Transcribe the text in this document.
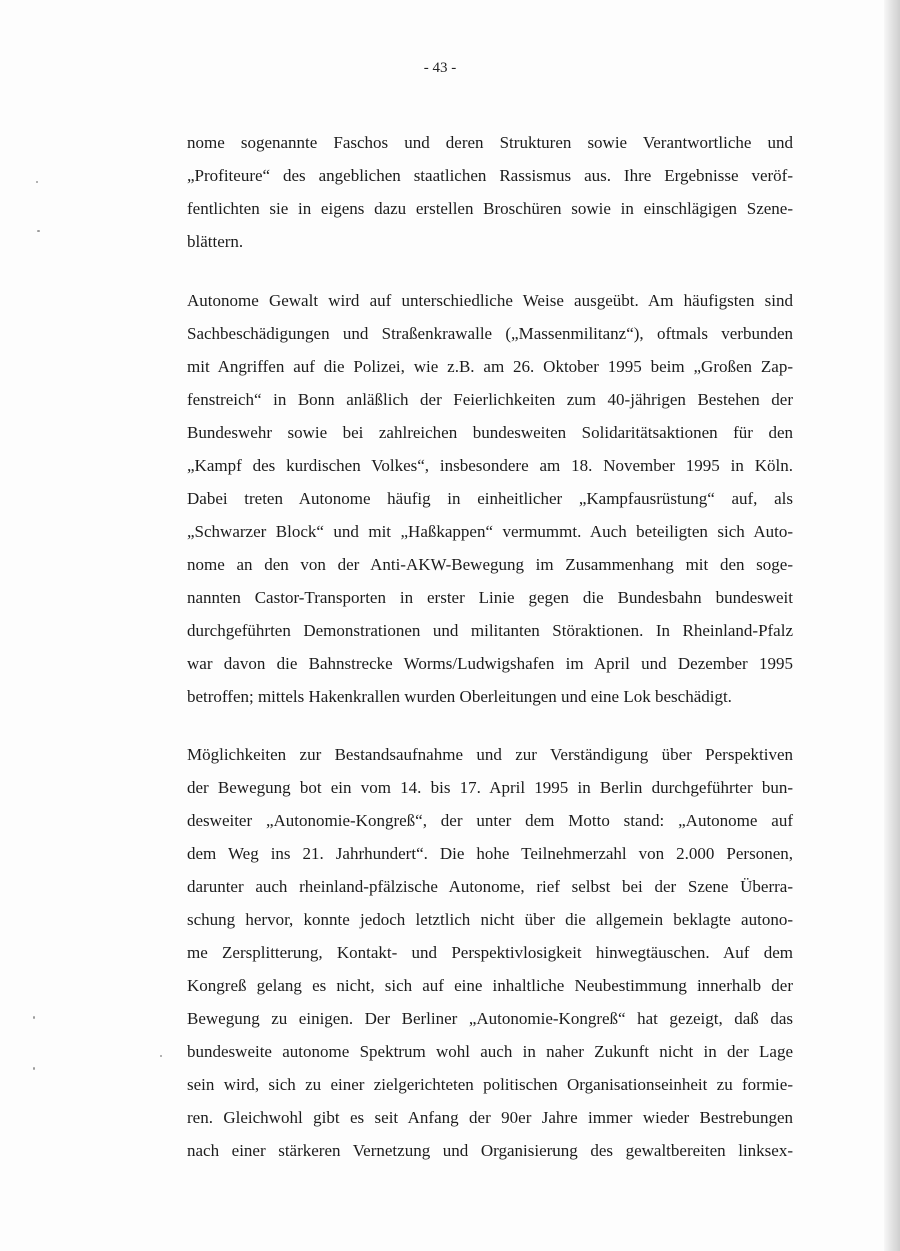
- 43 -

nome sogenannte Faschos und deren Strukturen sowie Verantwortliche und
„Profiteure“ des angeblichen staatlichen Rassismus aus. Ihre Ergebnisse veröf-
fentlichten sie in eigens dazu erstellen Broschüren sowie in einschlägigen Szene-
blättern.
Autonome Gewalt wird auf unterschiedliche Weise ausgeübt. Am häufigsten sind
Sachbeschädigungen und Straßenkrawalle („Massenmilitanz“), oftmals verbunden
mit Angriffen auf die Polizei, wie z.B. am 26. Oktober 1995 beim „Großen Zap-
fenstreich“ in Bonn anläßlich der Feierlichkeiten zum 40-jährigen Bestehen der
Bundeswehr sowie bei zahlreichen bundesweiten Solidaritätsaktionen für den
„Kampf des kurdischen Volkes“, insbesondere am 18. November 1995 in Köln.
Dabei treten Autonome häufig in einheitlicher „Kampfausrüstung“ auf, als
„Schwarzer Block“ und mit „Haßkappen“ vermummt. Auch beteiligten sich Auto-
nome an den von der Anti-AKW-Bewegung im Zusammenhang mit den soge-
nannten Castor-Transporten in erster Linie gegen die Bundesbahn bundesweit
durchgeführten Demonstrationen und militanten Störaktionen. In Rheinland-Pfalz
war davon die Bahnstrecke Worms/Ludwigshafen im April und Dezember 1995
betroffen; mittels Hakenkrallen wurden Oberleitungen und eine Lok beschädigt.
Möglichkeiten zur Bestandsaufnahme und zur Verständigung über Perspektiven
der Bewegung bot ein vom 14. bis 17. April 1995 in Berlin durchgeführter bun-
desweiter „Autonomie-Kongreß“, der unter dem Motto stand: „Autonome auf
dem Weg ins 21. Jahrhundert“. Die hohe Teilnehmerzahl von 2.000 Personen,
darunter auch rheinland-pfälzische Autonome, rief selbst bei der Szene Überra-
schung hervor, konnte jedoch letztlich nicht über die allgemein beklagte autono-
me Zersplitterung, Kontakt- und Perspektivlosigkeit hinwegtäuschen. Auf dem
Kongreß gelang es nicht, sich auf eine inhaltliche Neubestimmung innerhalb der
Bewegung zu einigen. Der Berliner „Autonomie-Kongreß“ hat gezeigt, daß das
bundesweite autonome Spektrum wohl auch in naher Zukunft nicht in der Lage
sein wird, sich zu einer zielgerichteten politischen Organisationseinheit zu formie-
ren. Gleichwohl gibt es seit Anfang der 90er Jahre immer wieder Bestrebungen
nach einer stärkeren Vernetzung und Organisierung des gewaltbereiten linksex-
